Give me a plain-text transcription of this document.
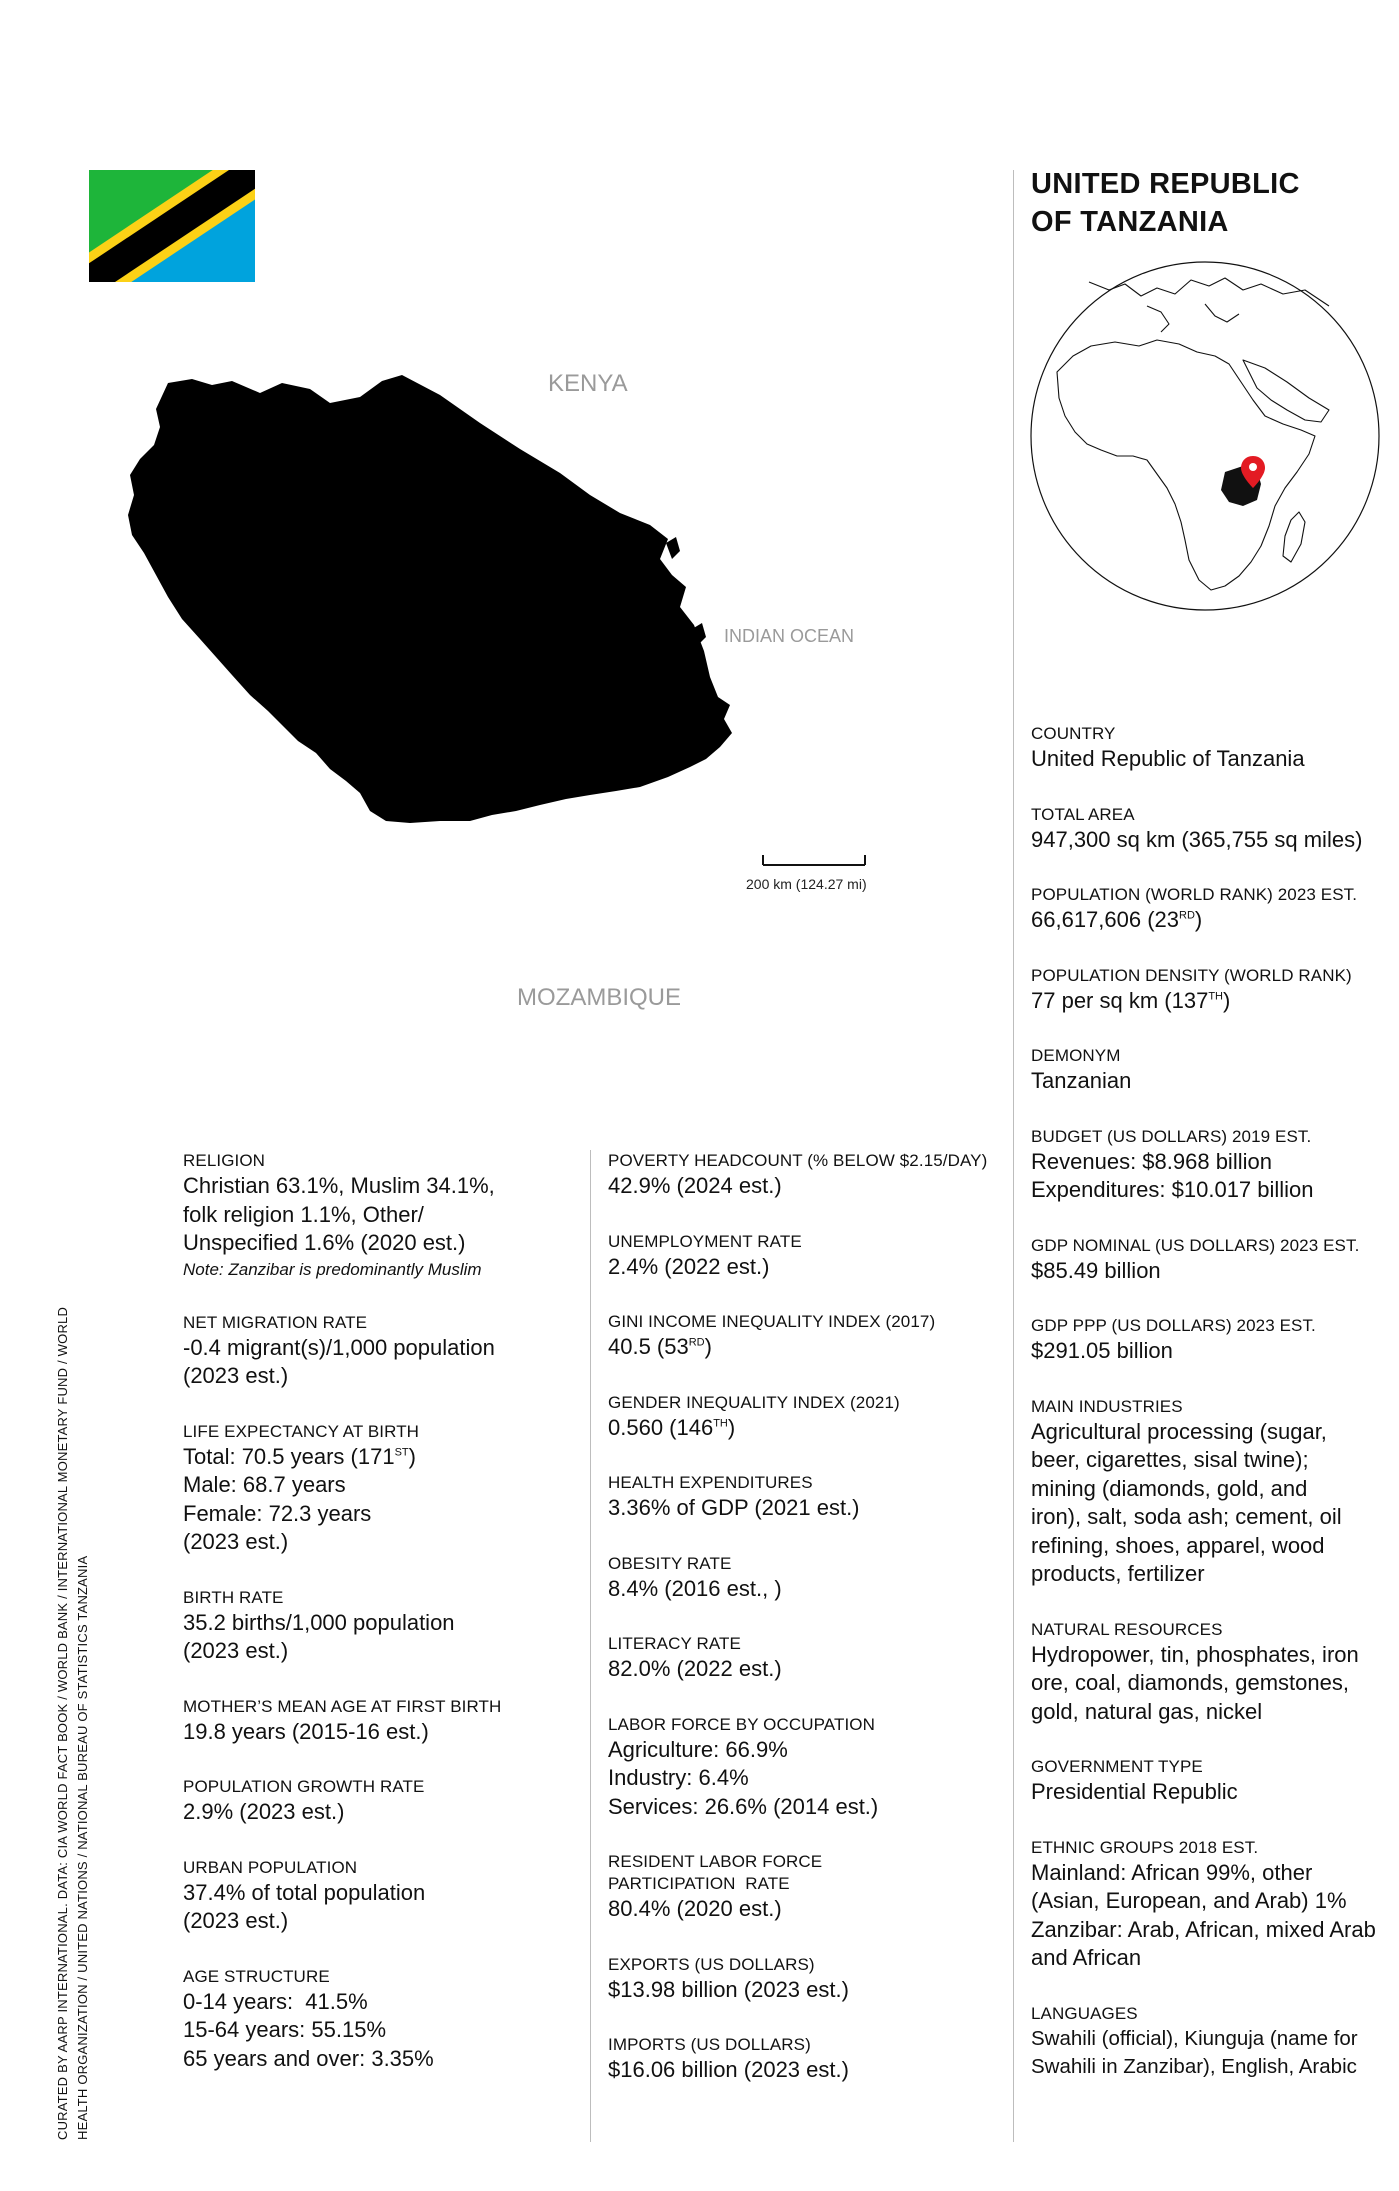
UNITED REPUBLIC
OF TANZANIA
KENYA
INDIAN OCEAN
MOZAMBIQUE
200 km (124.27 mi)
COUNTRY
United Republic of Tanzania
TOTAL AREA
947,300 sq km (365,755 sq miles)
POPULATION (WORLD RANK) 2023 EST.
66,617,606 (23RD)
POPULATION DENSITY (WORLD RANK)
77 per sq km (137TH)
DEMONYM
Tanzanian
BUDGET (US DOLLARS) 2019 EST.
Revenues: $8.968 billion
Expenditures: $10.017 billion
GDP NOMINAL (US DOLLARS) 2023 EST.
$85.49 billion
GDP PPP (US DOLLARS) 2023 EST.
$291.05 billion
MAIN INDUSTRIES
Agricultural processing (sugar,
beer, cigarettes, sisal twine);
mining (diamonds, gold, and
iron), salt, soda ash; cement, oil
refining, shoes, apparel, wood
products, fertilizer
NATURAL RESOURCES
Hydropower, tin, phosphates, iron
ore, coal, diamonds, gemstones,
gold, natural gas, nickel
GOVERNMENT TYPE
Presidential Republic
ETHNIC GROUPS 2018 EST.
Mainland: African 99%, other
(Asian, European, and Arab) 1%
Zanzibar: Arab, African, mixed Arab
and African
LANGUAGES
Swahili (official), Kiunguja (name for
Swahili in Zanzibar), English, Arabic
RELIGION
Christian 63.1%, Muslim 34.1%,
folk religion 1.1%, Other/
Unspecified 1.6% (2020 est.)
Note: Zanzibar is predominantly Muslim
NET MIGRATION RATE
-0.4 migrant(s)/1,000 population
(2023 est.)
LIFE EXPECTANCY AT BIRTH
Total: 70.5 years (171ST)
Male: 68.7 years
Female: 72.3 years
(2023 est.)
BIRTH RATE
35.2 births/1,000 population
(2023 est.)
MOTHER’S MEAN AGE AT FIRST BIRTH
19.8 years (2015-16 est.)
POPULATION GROWTH RATE
2.9% (2023 est.)
URBAN POPULATION
37.4% of total population
(2023 est.)
AGE STRUCTURE
0-14 years:  41.5%
15-64 years: 55.15%
65 years and over: 3.35%
POVERTY HEADCOUNT (% BELOW $2.15/DAY)
42.9% (2024 est.)
UNEMPLOYMENT RATE
2.4% (2022 est.)
GINI INCOME INEQUALITY INDEX (2017)
40.5 (53RD)
GENDER INEQUALITY INDEX (2021)
0.560 (146TH)
HEALTH EXPENDITURES
3.36% of GDP (2021 est.)
OBESITY RATE
8.4% (2016 est., )
LITERACY RATE
82.0% (2022 est.)
LABOR FORCE BY OCCUPATION
Agriculture: 66.9%
Industry: 6.4%
Services: 26.6% (2014 est.)
RESIDENT LABOR FORCE
PARTICIPATION  RATE
80.4% (2020 est.)
EXPORTS (US DOLLARS)
$13.98 billion (2023 est.)
IMPORTS (US DOLLARS)
$16.06 billion (2023 est.)
CURATED BY AARP INTERNATIONAL. DATA: CIA WORLD FACT BOOK / WORLD BANK / INTERNATIONAL MONETARY FUND / WORLD HEALTH ORGANIZATION / UNITED NATIONS / NATIONAL BUREAU OF STATISTICS TANZANIA
